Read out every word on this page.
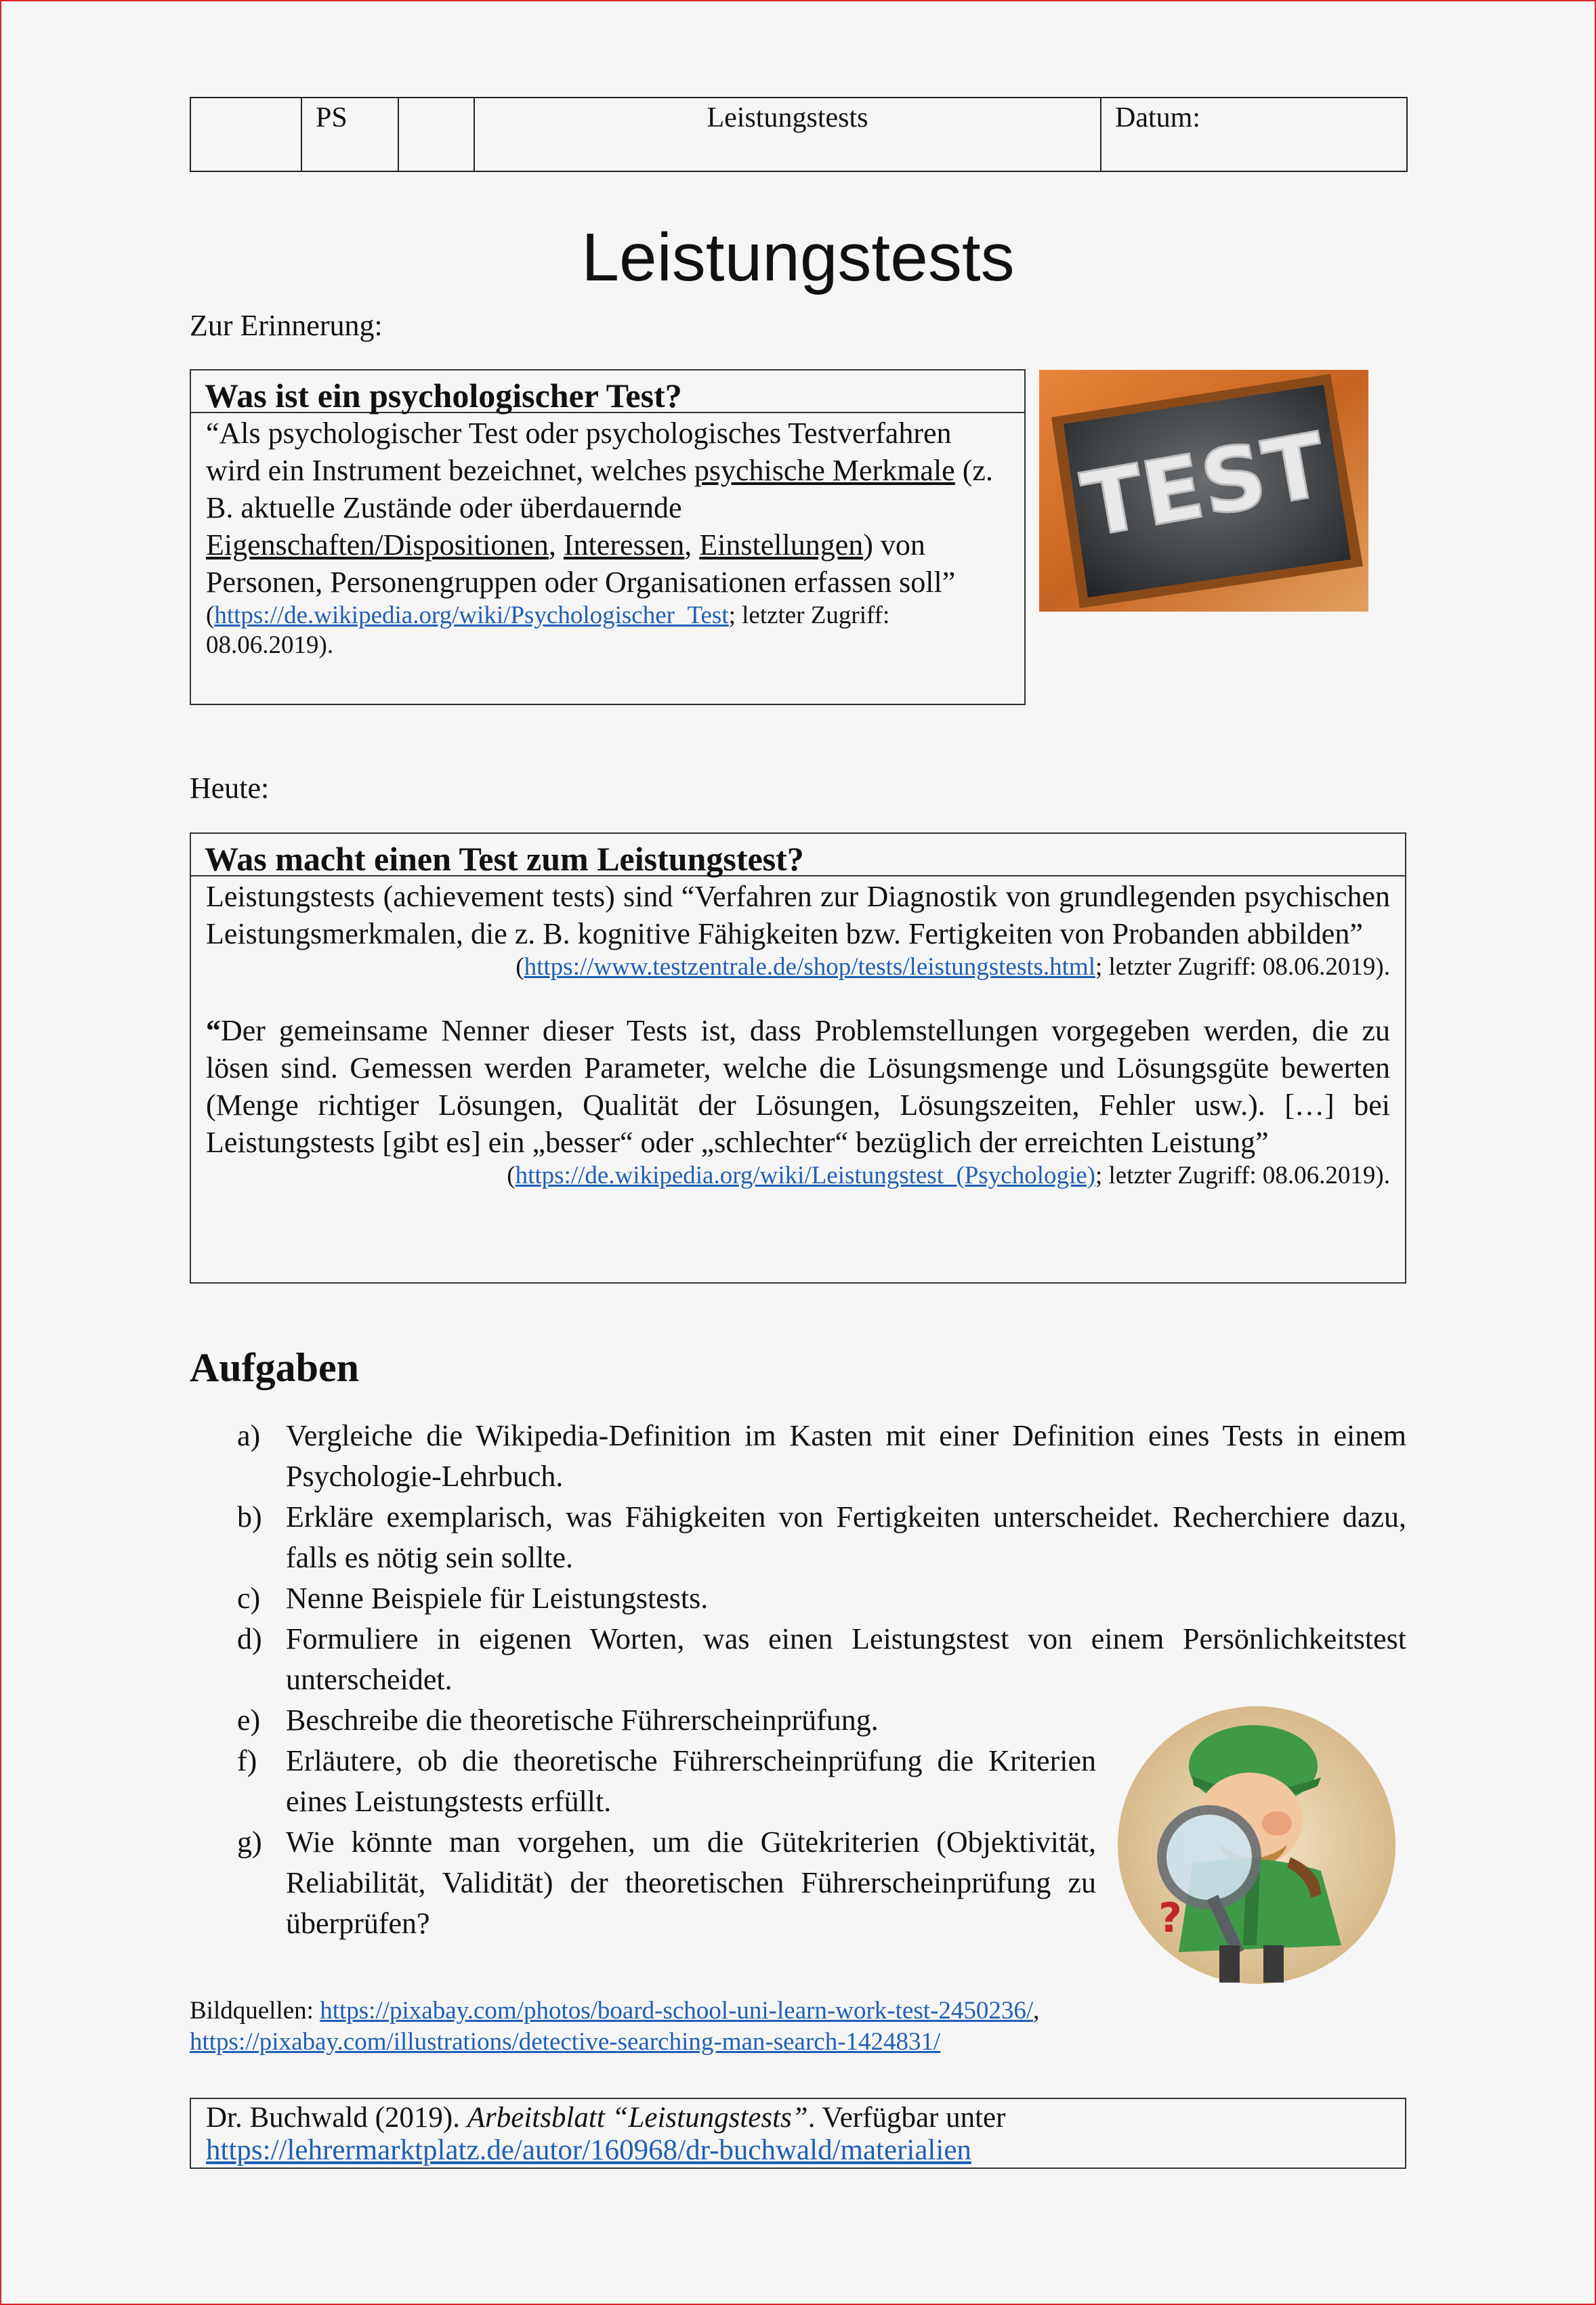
	PS		Leistungstests	Datum:
Leistungstests
Zur Erinnerung:
Was ist ein psychologischer Test?
“Als psychologischer Test oder psychologisches Testverfahren wird ein Instrument bezeichnet, welches psychische Merkmale (z. B. aktuelle Zustände oder überdauernde Eigenschaften/Dispositionen, Interessen, Einstellungen) von Personen, Personengruppen oder Organisationen erfassen soll”
(https://de.wikipedia.org/wiki/Psychologischer_Test; letzter Zugriff: 08.06.2019).
TEST
Heute:
Was macht einen Test zum Leistungstest?
Leistungstests (achievement tests) sind “Verfahren zur Diagnostik von grundlegenden psychischen Leistungsmerkmalen, die z. B. kognitive Fähigkeiten bzw. Fertigkeiten von Probanden abbilden”
(https://www.testzentrale.de/shop/tests/leistungstests.html; letzter Zugriff: 08.06.2019).
“Der gemeinsame Nenner dieser Tests ist, dass Problemstellungen vorgegeben werden, die zu lösen sind. Gemessen werden Parameter, welche die Lösungsmenge und Lösungsgüte bewerten (Menge richtiger Lösungen, Qualität der Lösungen, Lösungszeiten, Fehler usw.). […] bei Leistungstests [gibt es] ein „besser“ oder „schlechter“ bezüglich der erreichten Leistung”
(https://de.wikipedia.org/wiki/Leistungstest_(Psychologie); letzter Zugriff: 08.06.2019).
Aufgaben
a) Vergleiche die Wikipedia-Definition im Kasten mit einer Definition eines Tests in einem Psychologie-Lehrbuch.
b) Erkläre exemplarisch, was Fähigkeiten von Fertigkeiten unterscheidet. Recherchiere dazu, falls es nötig sein sollte.
c) Nenne Beispiele für Leistungstests.
d) Formuliere in eigenen Worten, was einen Leistungstest von einem Persönlichkeitstest unterscheidet.
e) Beschreibe die theoretische Führerscheinprüfung.
f) Erläutere, ob die theoretische Führerscheinprüfung die Kriterien eines Leistungstests erfüllt.
g) Wie könnte man vorgehen, um die Gütekriterien (Objektivität, Reliabilität, Validität) der theoretischen Führerscheinprüfung zu überprüfen?	?
Bildquellen: https://pixabay.com/photos/board-school-uni-learn-work-test-2450236/,
https://pixabay.com/illustrations/detective-searching-man-search-1424831/
Dr. Buchwald (2019). Arbeitsblatt “Leistungstests”. Verfügbar unter
https://lehrermarktplatz.de/autor/160968/dr-buchwald/materialien
